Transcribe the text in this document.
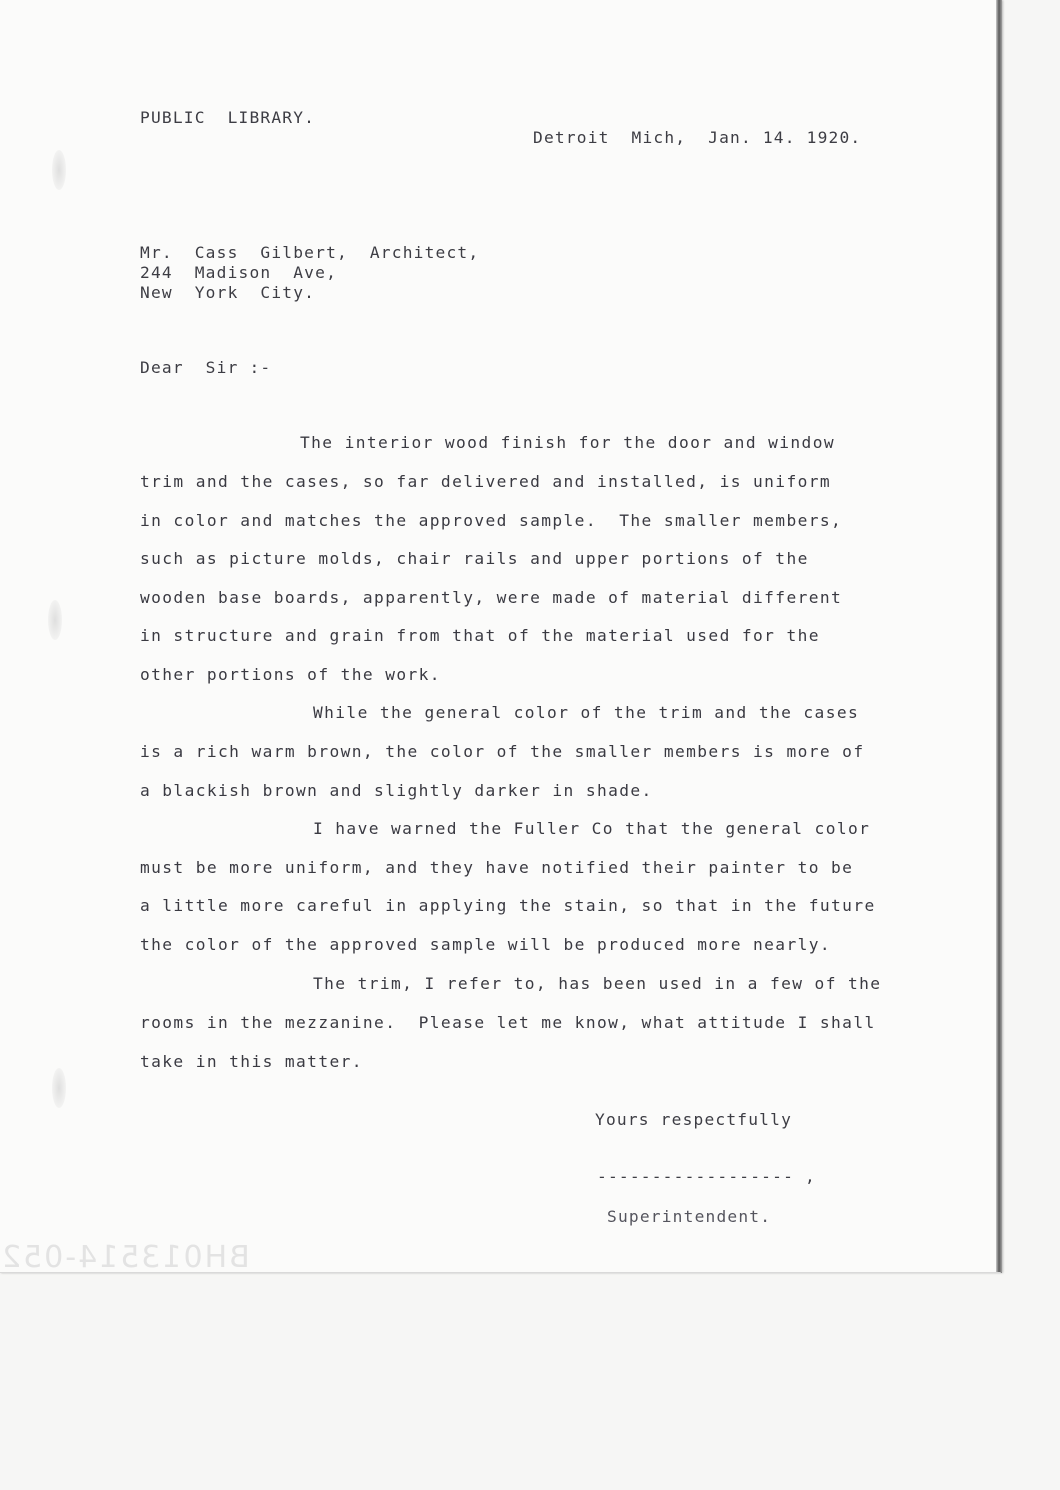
PUBLIC  LIBRARY.

Detroit  Mich,  Jan. 14. 1920.

Mr.  Cass  Gilbert,  Architect,

244  Madison  Ave,

New  York  City.

Dear  Sir :-

The interior wood finish for the door and window

trim and the cases, so far delivered and installed, is uniform

in color and matches the approved sample.  The smaller members,

such as picture molds, chair rails and upper portions of the

wooden base boards, apparently, were made of material different

in structure and grain from that of the material used for the

other portions of the work.

While the general color of the trim and the cases

is a rich warm brown, the color of the smaller members is more of

a blackish brown and slightly darker in shade.

I have warned the Fuller Co that the general color

must be more uniform, and they have notified their painter to be

a little more careful in applying the stain, so that in the future

the color of the approved sample will be produced more nearly.

The trim, I refer to, has been used in a few of the

rooms in the mezzanine.  Please let me know, what attitude I shall

take in this matter.

Yours respectfully

------------------ ,

Superintendent.

BH013514-052
